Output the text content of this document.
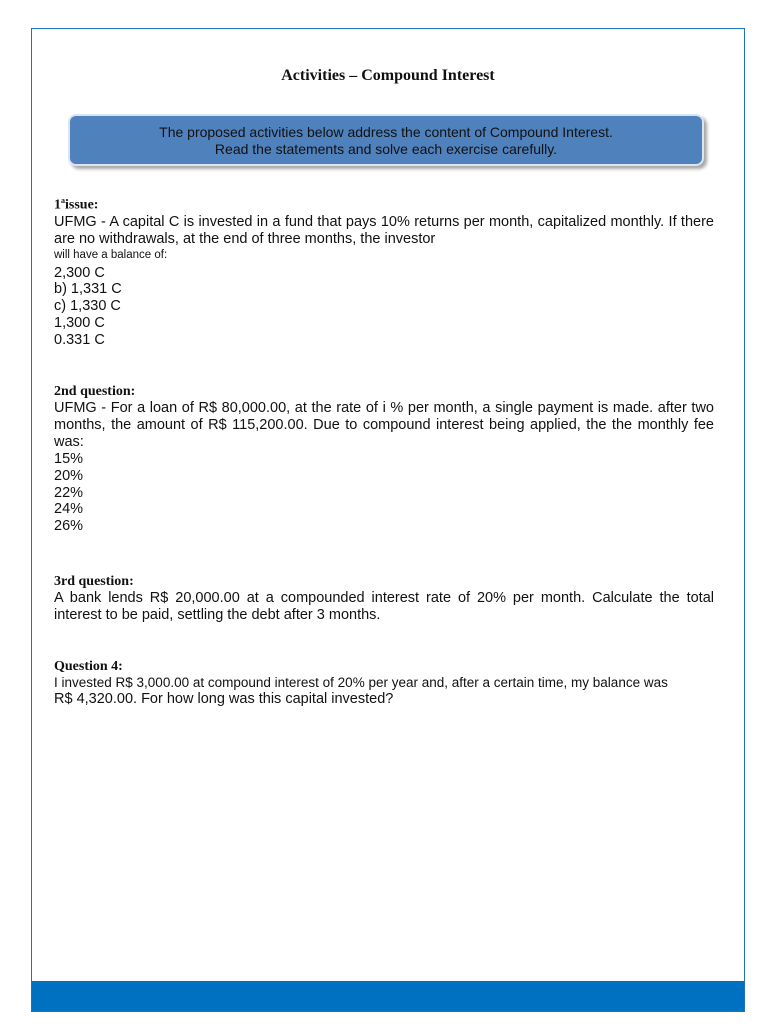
Activities – Compound Interest
The proposed activities below address the content of Compound Interest.
Read the statements and solve each exercise carefully.
1$^a$issue:
UFMG - A capital C is invested in a fund that pays 10% returns per month, capitalized monthly. If there are no withdrawals, at the end of three months, the investor
will have a balance of:
2,300 C
b) 1,331 C
c) 1,330 C
1,300 C
0.331 C
2nd question:
UFMG - For a loan of R$ 80,000.00, at the rate of i % per month, a single payment is made. after two months, the amount of R$ 115,200.00. Due to compound interest being applied, the the monthly fee was:
15%
20%
22%
24%
26%
3rd question:
A bank lends R$ 20,000.00 at a compounded interest rate of 20% per month. Calculate the total interest to be paid, settling the debt after 3 months.
Question 4:
I invested R$ 3,000.00 at compound interest of 20% per year and, after a certain time, my balance was
R$ 4,320.00. For how long was this capital invested?
